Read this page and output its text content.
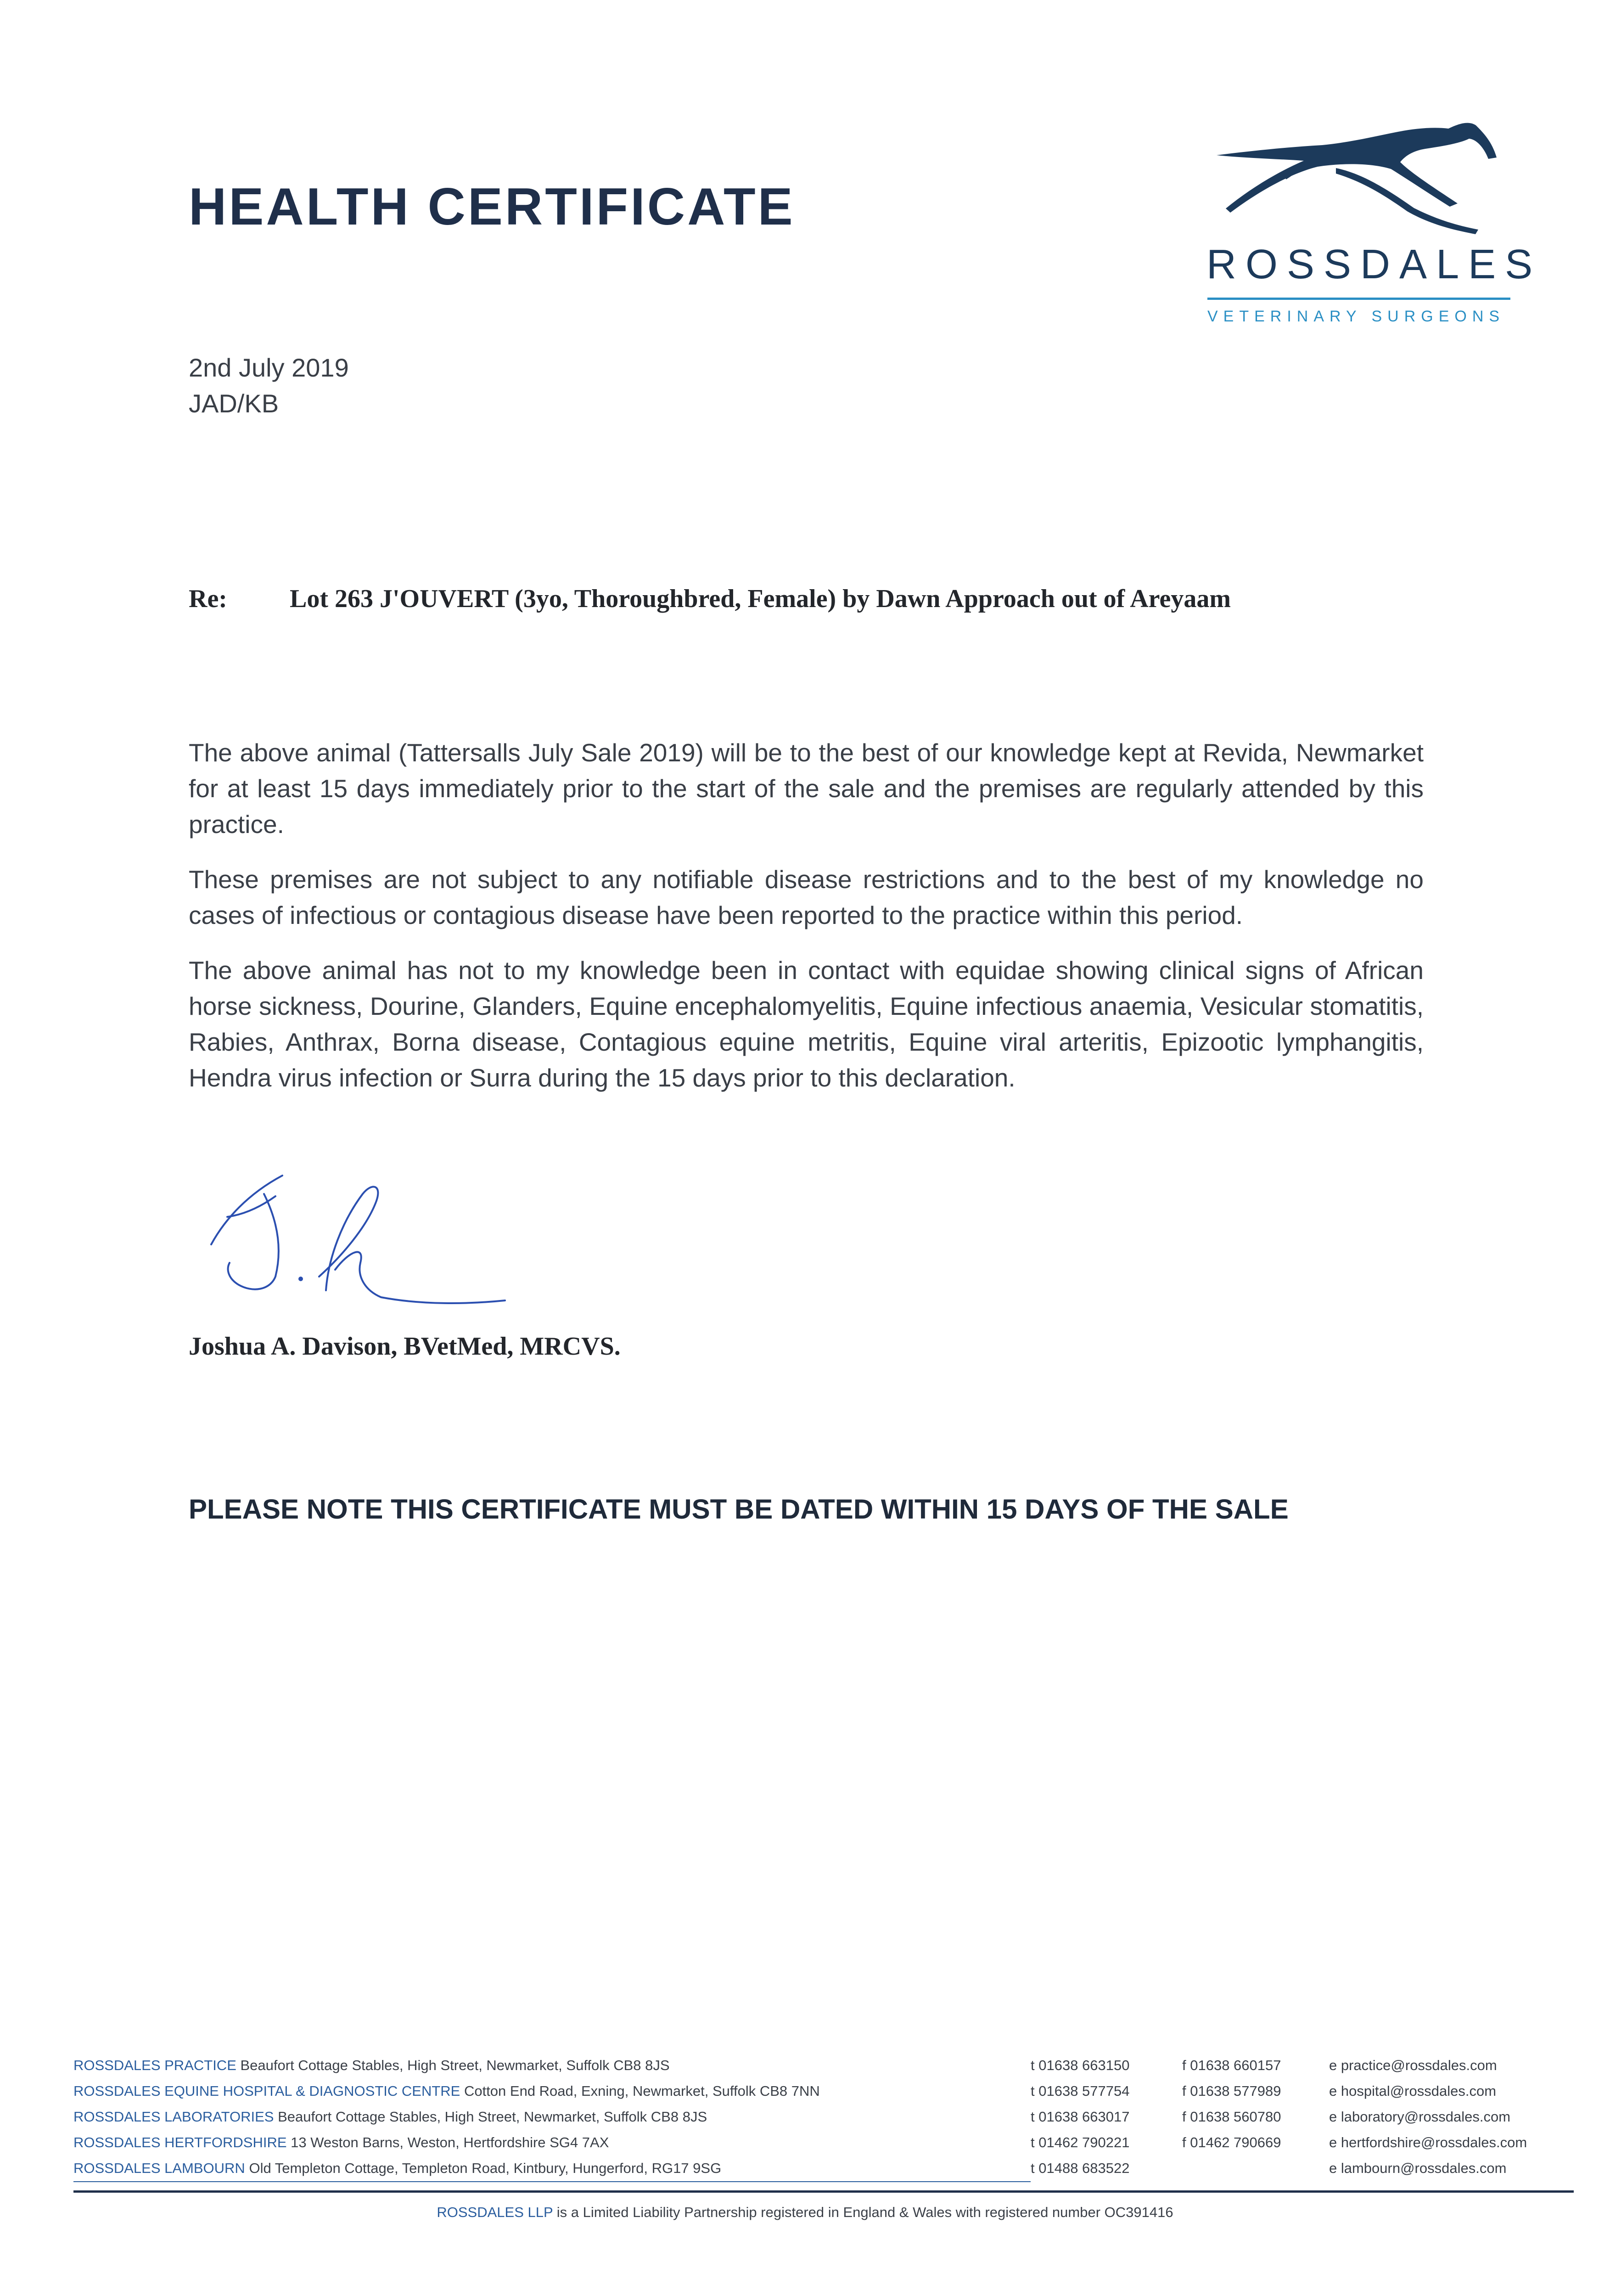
HEALTH CERTIFICATE
ROSSDALES
VETERINARY SURGEONS
2nd July 2019
JAD/KB
Re: Lot 263 J'OUVERT (3yo, Thoroughbred, Female) by Dawn Approach out of Areyaam

The above animal (Tattersalls July Sale 2019) will be to the best of our knowledge kept at Revida, Newmarket for at least 15 days immediately prior to the start of the sale and the premises are regularly attended by this practice.

These premises are not subject to any notifiable disease restrictions and to the best of my knowledge no cases of infectious or contagious disease have been reported to the practice within this period.

The above animal has not to my knowledge been in contact with equidae showing clinical signs of African horse sickness, Dourine, Glanders, Equine encephalomyelitis, Equine infectious anaemia, Vesicular stomatitis, Rabies, Anthrax, Borna disease, Contagious equine metritis, Equine viral arteritis, Epizootic lymphangitis, Hendra virus infection or Surra during the 15 days prior to this declaration.

Joshua A. Davison, BVetMed, MRCVS.
PLEASE NOTE THIS CERTIFICATE MUST BE DATED WITHIN 15 DAYS OF THE SALE
ROSSDALES PRACTICE Beaufort Cottage Stables, High Street, Newmarket, Suffolk CB8 8JS	t 01638 663150	f 01638 660157	e practice@rossdales.com
ROSSDALES EQUINE HOSPITAL & DIAGNOSTIC CENTRE Cotton End Road, Exning, Newmarket, Suffolk CB8 7NN	t 01638 577754	f 01638 577989	e hospital@rossdales.com
ROSSDALES LABORATORIES Beaufort Cottage Stables, High Street, Newmarket, Suffolk CB8 8JS	t 01638 663017	f 01638 560780	e laboratory@rossdales.com
ROSSDALES HERTFORDSHIRE 13 Weston Barns, Weston, Hertfordshire SG4 7AX	t 01462 790221	f 01462 790669	e hertfordshire@rossdales.com
ROSSDALES LAMBOURN Old Templeton Cottage, Templeton Road, Kintbury, Hungerford, RG17 9SG	t 01488 683522		e lambourn@rossdales.com
ROSSDALES LLP is a Limited Liability Partnership registered in England & Wales with registered number OC391416
